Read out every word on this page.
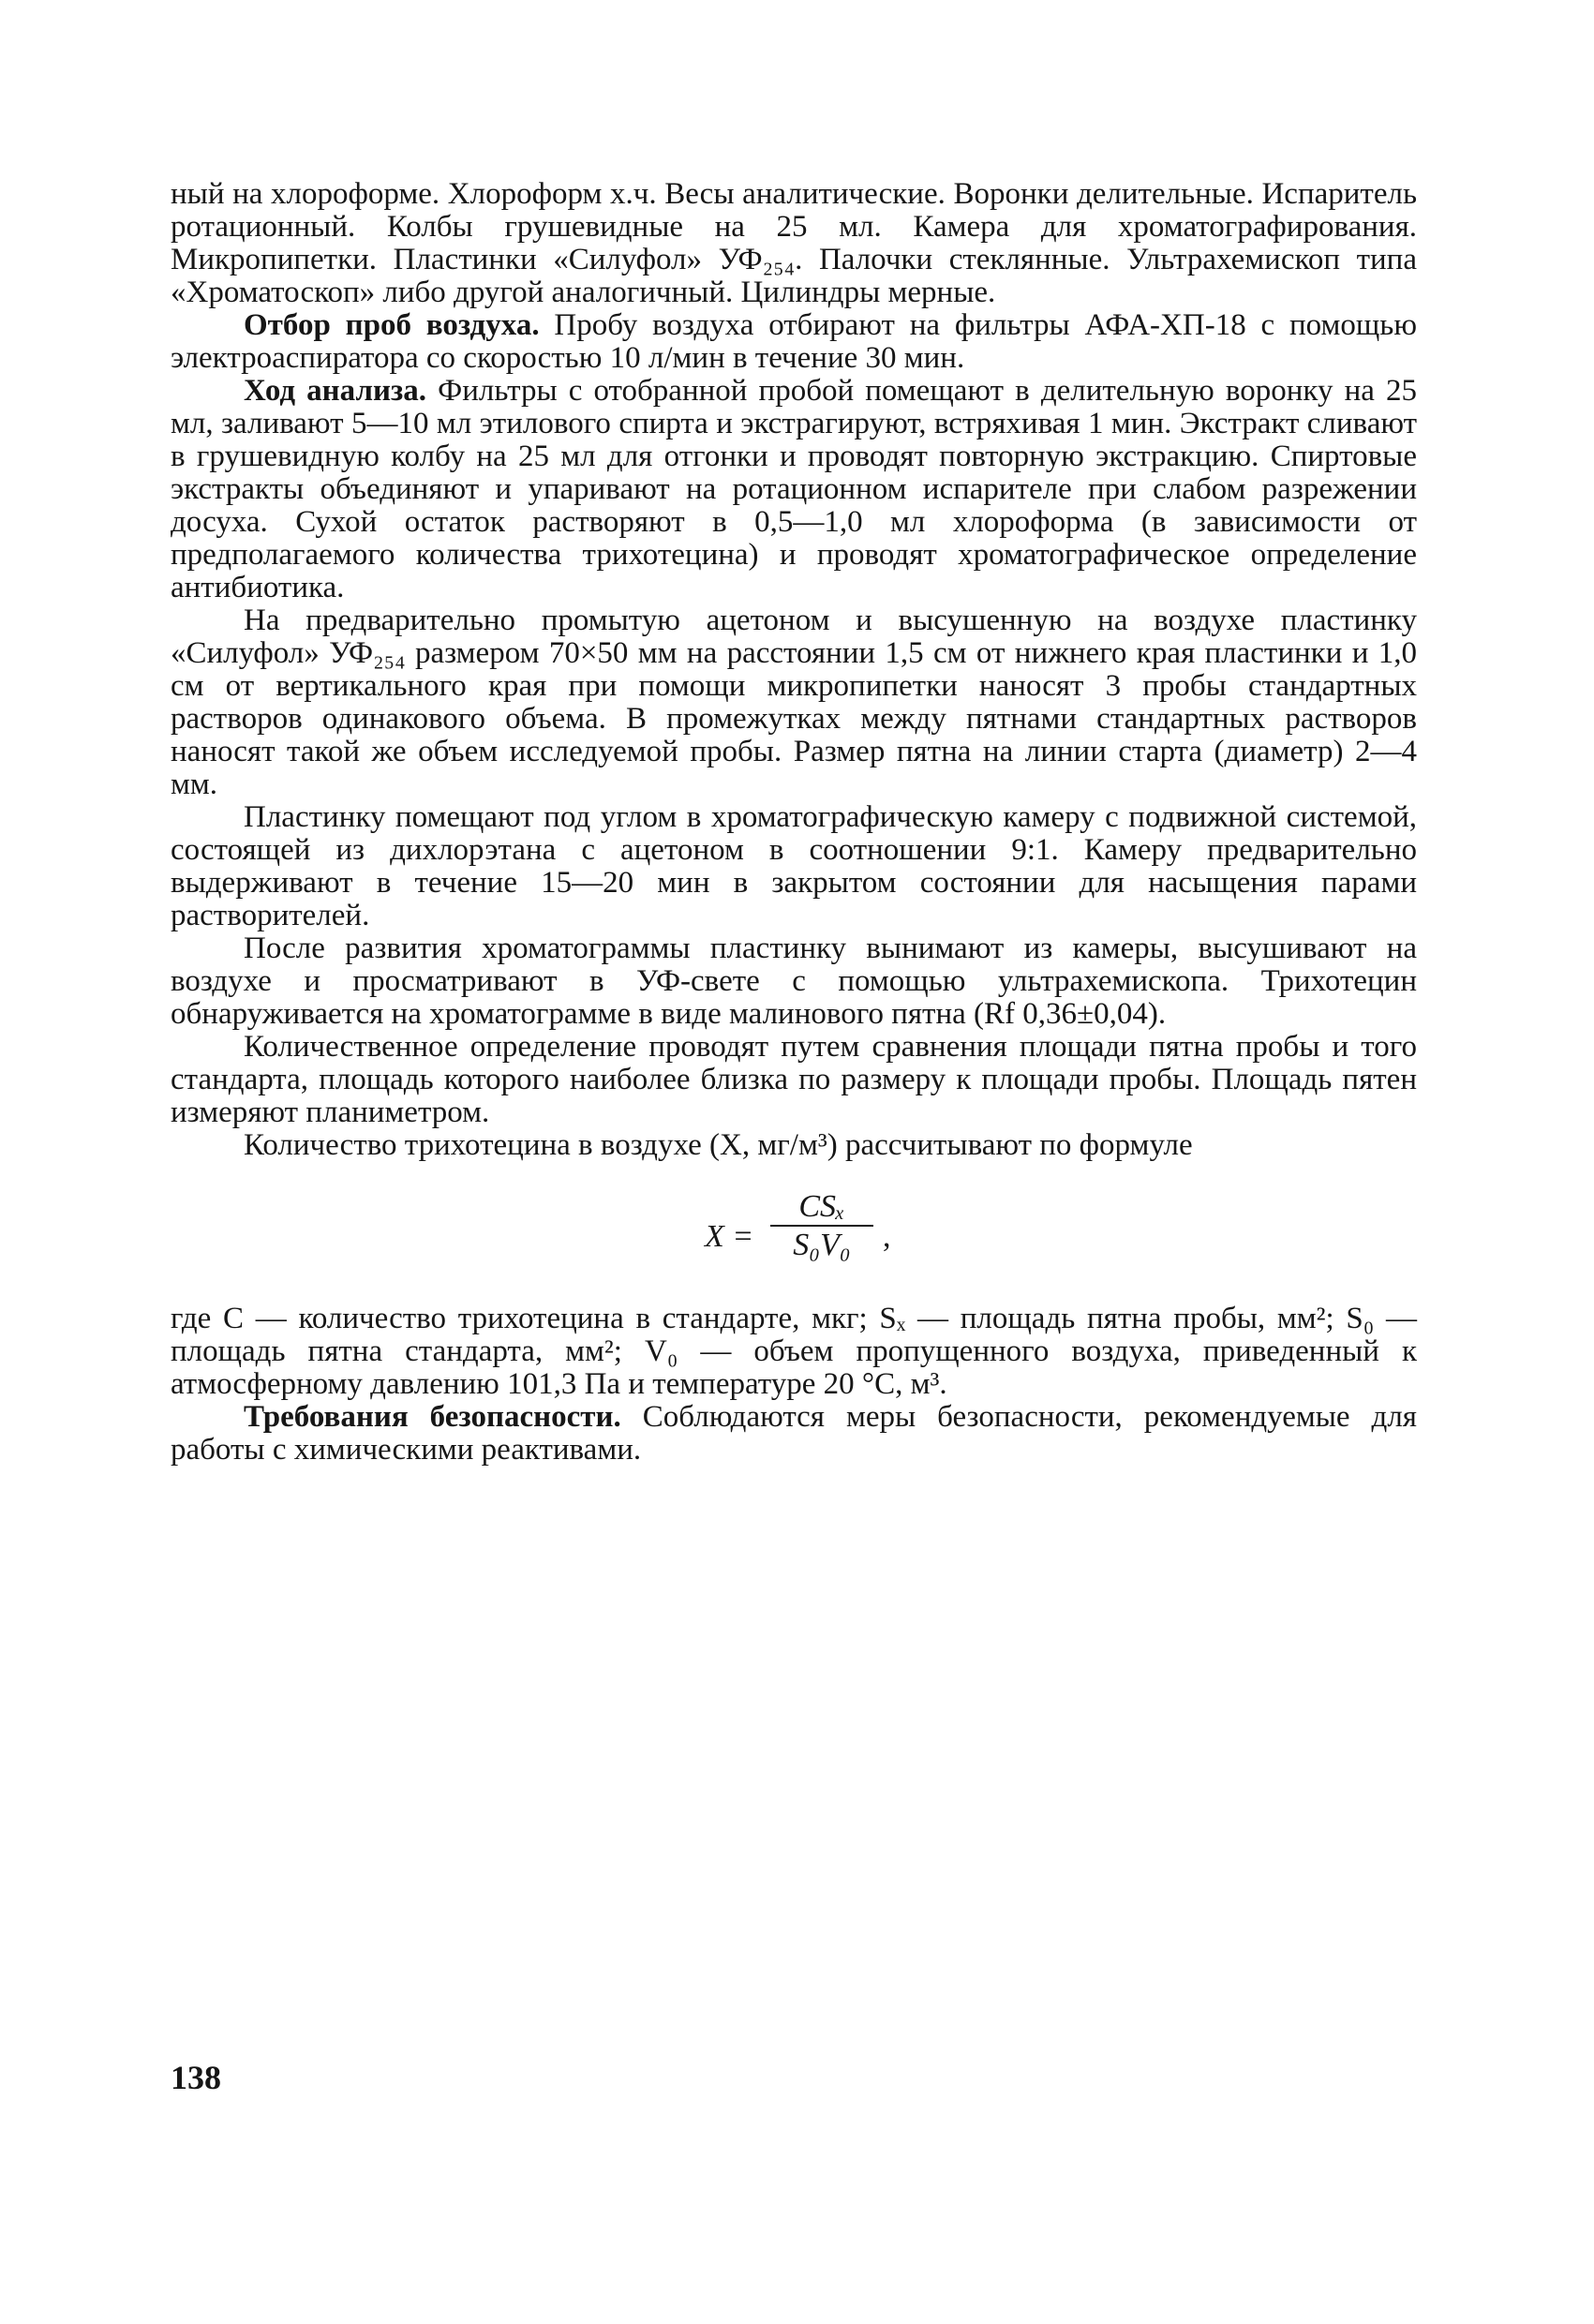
ный на хлороформе. Хлороформ х.ч. Весы аналитические. Воронки делительные. Испаритель ротационный. Колбы грушевидные на 25 мл. Камера для хроматографирования. Микропипетки. Пластинки «Силуфол» УФ₂₅₄. Палочки стеклянные. Ультрахемископ типа «Хроматоскоп» либо другой аналогичный. Цилиндры мерные.

Отбор проб воздуха. Пробу воздуха отбирают на фильтры АФА-ХП-18 с помощью электроаспиратора со скоростью 10 л/мин в течение 30 мин.

Ход анализа. Фильтры с отобранной пробой помещают в делительную воронку на 25 мл, заливают 5—10 мл этилового спирта и экстрагируют, встряхивая 1 мин. Экстракт сливают в грушевидную колбу на 25 мл для отгонки и проводят повторную экстракцию. Спиртовые экстракты объединяют и упаривают на ротационном испарителе при слабом разрежении досуха. Сухой остаток растворяют в 0,5—1,0 мл хлороформа (в зависимости от предполагаемого количества трихотецина) и проводят хроматографическое определение антибиотика.

На предварительно промытую ацетоном и высушенную на воздухе пластинку «Силуфол» УФ₂₅₄ размером 70×50 мм на расстоянии 1,5 см от нижнего края пластинки и 1,0 см от вертикального края при помощи микропипетки наносят 3 пробы стандартных растворов одинакового объема. В промежутках между пятнами стандартных растворов наносят такой же объем исследуемой пробы. Размер пятна на линии старта (диаметр) 2—4 мм.

Пластинку помещают под углом в хроматографическую камеру с подвижной системой, состоящей из дихлорэтана с ацетоном в соотношении 9:1. Камеру предварительно выдерживают в течение 15—20 мин в закрытом состоянии для насыщения парами растворителей.

После развития хроматограммы пластинку вынимают из камеры, высушивают на воздухе и просматривают в УФ-свете с помощью ультрахемископа. Трихотецин обнаруживается на хроматограмме в виде малинового пятна (Rf 0,36±0,04).

Количественное определение проводят путем сравнения площади пятна пробы и того стандарта, площадь которого наиболее близка по размеру к площади пробы. Площадь пятен измеряют планиметром.

Количество трихотецина в воздухе (X, мг/м³) рассчитывают по формуле

X =
CSₓ
S₀V₀	,

где C — количество трихотецина в стандарте, мкг; Sₓ — площадь пятна пробы, мм²; S₀ — площадь пятна стандарта, мм²; V₀ — объем пропущенного воздуха, приведенный к атмосферному давлению 101,3 Па и температуре 20 °С, м³.

Требования безопасности. Соблюдаются меры безопасности, рекомендуемые для работы с химическими реактивами.

138
